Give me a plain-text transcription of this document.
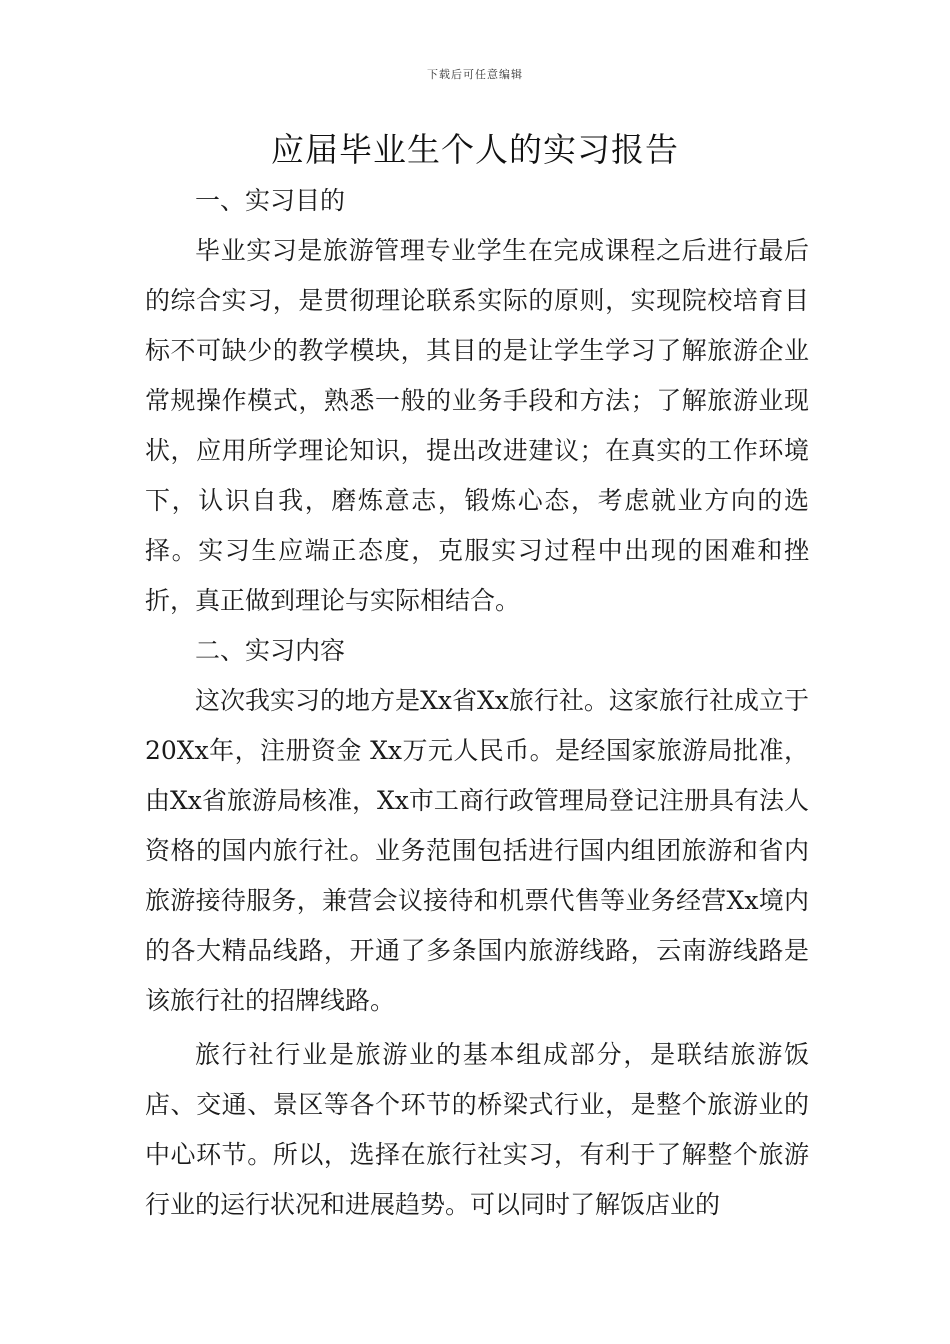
下载后可任意编辑
应届毕业生个人的实习报告

一、实习目的

毕业实习是旅游管理专业学生在完成课程之后进行最后的综合实习，是贯彻理论联系实际的原则，实现院校培育目标不可缺少的教学模块，其目的是让学生学习了解旅游企业常规操作模式，熟悉一般的业务手段和方法；了解旅游业现状，应用所学理论知识，提出改进建议；在真实的工作环境下，认识自我，磨炼意志，锻炼心态，考虑就业方向的选择。实习生应端正态度，克服实习过程中出现的困难和挫折，真正做到理论与实际相结合。

二、实习内容

这次我实习的地方是Xx省Xx旅行社。这家旅行社成立于20Xx年，注册资金 Xx万元人民币。是经国家旅游局批准，由Xx省旅游局核准，Xx市工商行政管理局登记注册具有法人资格的国内旅行社。业务范围包括进行国内组团旅游和省内旅游接待服务，兼营会议接待和机票代售等业务经营Xx境内的各大精品线路，开通了多条国内旅游线路，云南游线路是该旅行社的招牌线路。

旅行社行业是旅游业的基本组成部分，是联结旅游饭店、交通、景区等各个环节的桥梁式行业，是整个旅游业的中心环节。所以，选择在旅行社实习，有利于了解整个旅游行业的运行状况和进展趋势。可以同时了解饭店业的
